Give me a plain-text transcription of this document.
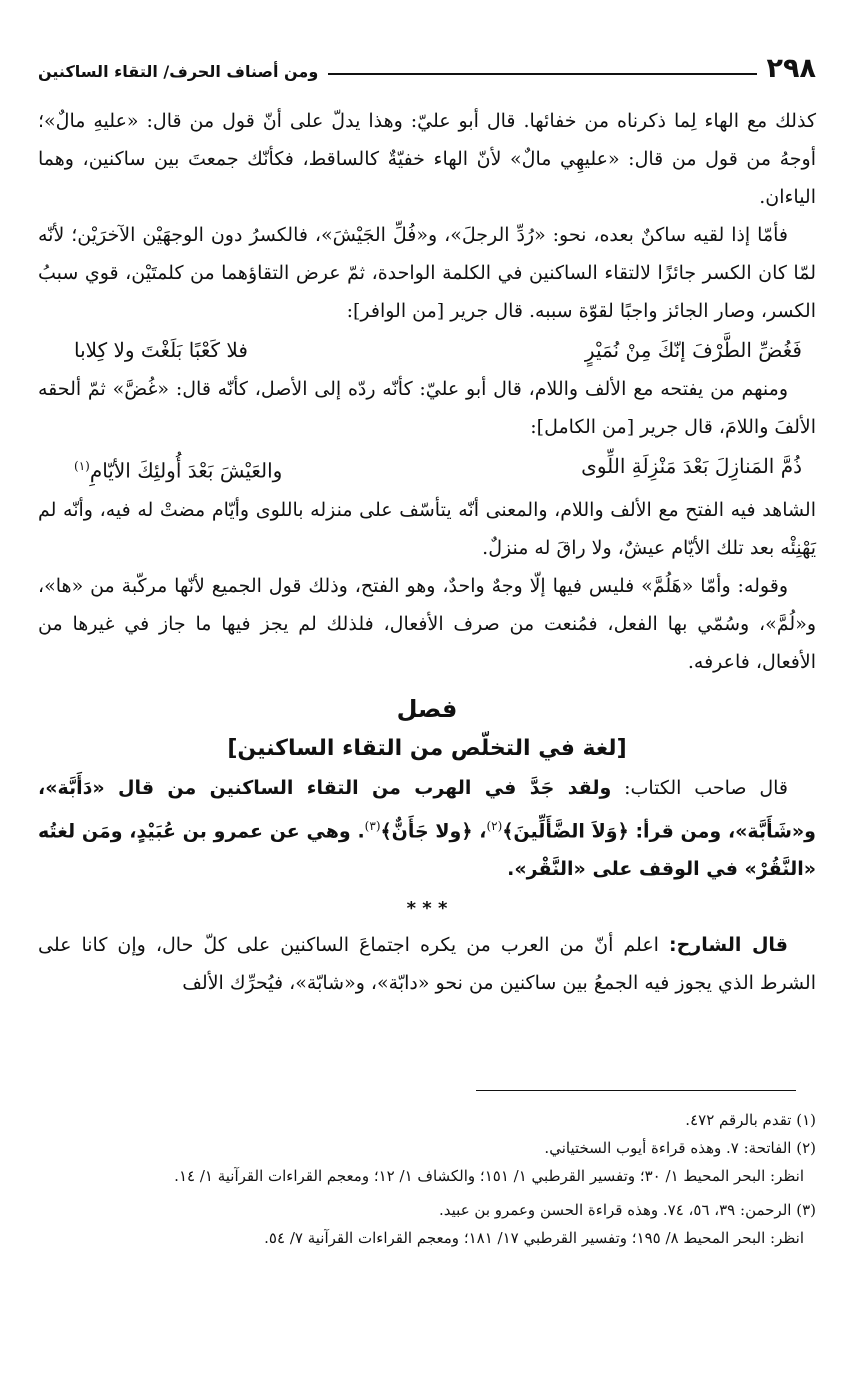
٢٩٨
ومن أصناف الحرف/ التقاء الساكنين

كذلك مع الهاء لِما ذكرناه من خفائها. قال أبو عليّ: وهذا يدلّ على أنّ قول من قال: «عليهِ مالٌ»؛ أوجهُ من قول من قال: «عليهِي مالٌ» لأنّ الهاء خفيّةٌ كالساقط، فكأنّك جمعتَ بين ساكنين، وهما الياءان.

فأمّا إذا لقيه ساكنٌ بعده، نحو: «رُدِّ الرجلَ»، و«فُلِّ الجَيْشَ»، فالكسرُ دون الوجهَيْن الآخرَيْن؛ لأنّه لمّا كان الكسر جائزًا لالتقاء الساكنين في الكلمة الواحدة، ثمّ عرض التقاؤهما من كلمتَيْن، قوي سببُ الكسر، وصار الجائز واجبًا لقوّة سببه. قال جرير [من الوافر]:

فَغُضِّ الطَّرْفَ إنّكَ مِنْ نُمَيْرٍ
فلا كَعْبًا بَلَغْتَ ولا كِلابا

ومنهم من يفتحه مع الألف واللام، قال أبو عليّ: كأنّه ردّه إلى الأصل، كأنّه قال: «غُضَّ» ثمّ ألحقه الألفَ واللامَ، قال جرير [من الكامل]:

ذُمَّ المَنازِلَ بَعْدَ مَنْزِلَةِ اللِّوى
والعَيْشَ بَعْدَ أُولئِكَ الأيّامِ$^{(١)}$

الشاهد فيه الفتح مع الألف واللام، والمعنى أنّه يتأسّف على منزله باللوى وأيّام مضتْ له فيه، وأنّه لم يَهْنِئْه بعد تلك الأيّام عيشٌ، ولا راقَ له منزلٌ.

وقوله: وأمّا «هَلُمَّ» فليس فيها إلّا وجهٌ واحدٌ، وهو الفتح، وذلك قول الجميع لأنّها مركّبة من «ها»، و«لُمَّ»، وسُمّي بها الفعل، فمُنعت من صرف الأفعال، فلذلك لم يجز فيها ما جاز في غيرها من الأفعال، فاعرفه.

فصل
[لغة في التخلّص من التقاء الساكنين]
قال صاحب الكتاب: ولقد جَدَّ في الهرب من التقاء الساكنين من قال «دَأَبَّة»، و«شَأَبَّة»، ومن قرأ: ﴿وَلاَ الضَّأَلِّينَ﴾$^{(٢)}$، ﴿ولا جَأَنٌّ﴾$^{(٣)}$. وهي عن عمرو بن عُبَيْدٍ، ومَن لغتُه «النَّقُرْ» في الوقف على «النَّقْر».
* * *
قال الشارح: اعلم أنّ من العرب من يكره اجتماعَ الساكنين على كلّ حال، وإن كانا على الشرط الذي يجوز فيه الجمعُ بين ساكنين من نحو «دابّة»، و«شابّة»، فيُحرِّك الألف

(١) تقدم بالرقم ٤٧٢.

(٢) الفاتحة: ٧. وهذه قراءة أيوب السختياني.

انظر: البحر المحيط ١/ ٣٠؛ وتفسير القرطبي ١/ ١٥١؛ والكشاف ١/ ١٢؛ ومعجم القراءات القرآنية ١/ ١٤.

(٣) الرحمن: ٣٩، ٥٦، ٧٤. وهذه قراءة الحسن وعمرو بن عبيد.

انظر: البحر المحيط ٨/ ١٩٥؛ وتفسير القرطبي ١٧/ ١٨١؛ ومعجم القراءات القرآنية ٧/ ٥٤.
